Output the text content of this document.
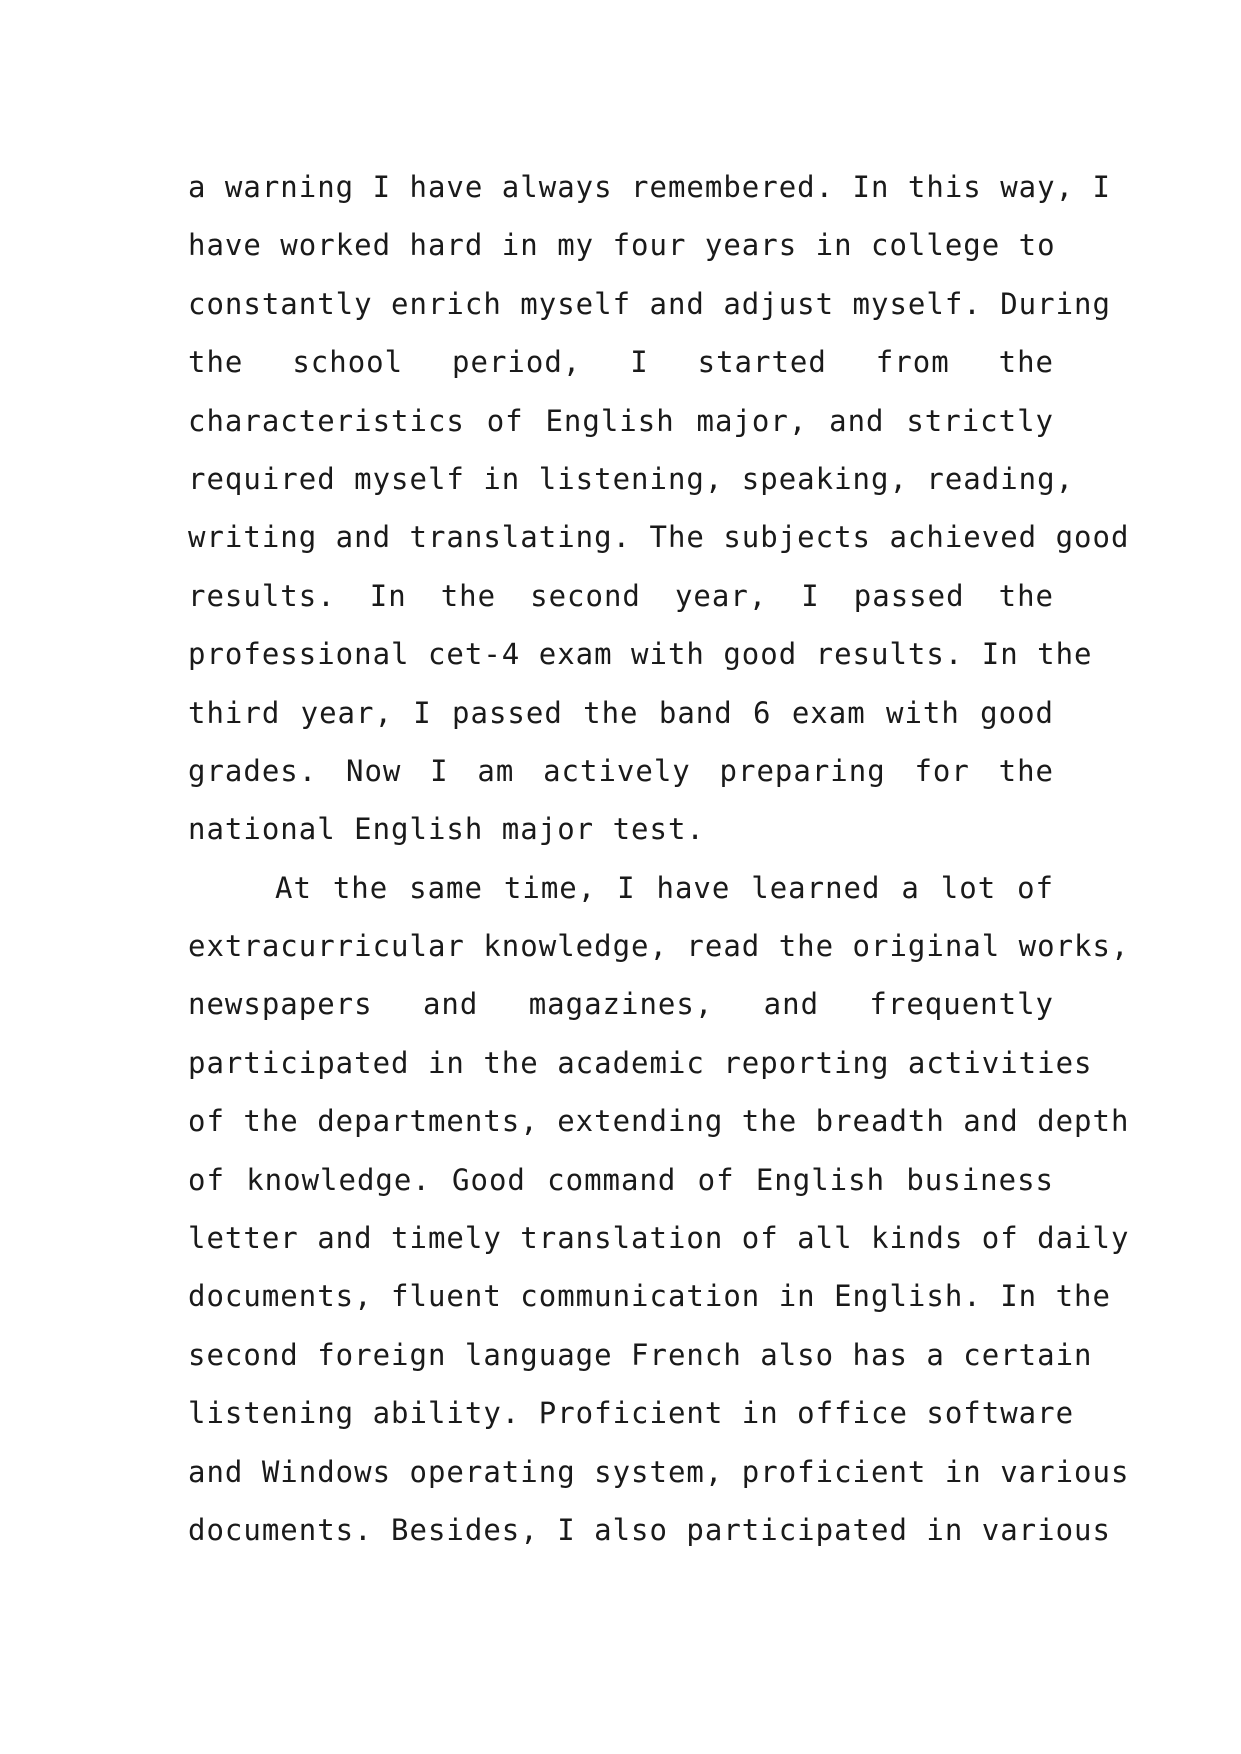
a warning I have always remembered. In this way, I
have worked hard in my four years in college to
constantly enrich myself and adjust myself. During
the school period, I started from the
characteristics of English major, and strictly
required myself in listening, speaking, reading,
writing and translating. The subjects achieved good
results. In the second year, I passed the
professional cet-4 exam with good results. In the
third year, I passed the band 6 exam with good
grades. Now I am actively preparing for the
national English major test.
At the same time, I have learned a lot of
extracurricular knowledge, read the original works,
newspapers and magazines, and frequently
participated in the academic reporting activities
of the departments, extending the breadth and depth
of knowledge. Good command of English business
letter and timely translation of all kinds of daily
documents, fluent communication in English. In the
second foreign language French also has a certain
listening ability. Proficient in office software
and Windows operating system, proficient in various
documents. Besides, I also participated in various
